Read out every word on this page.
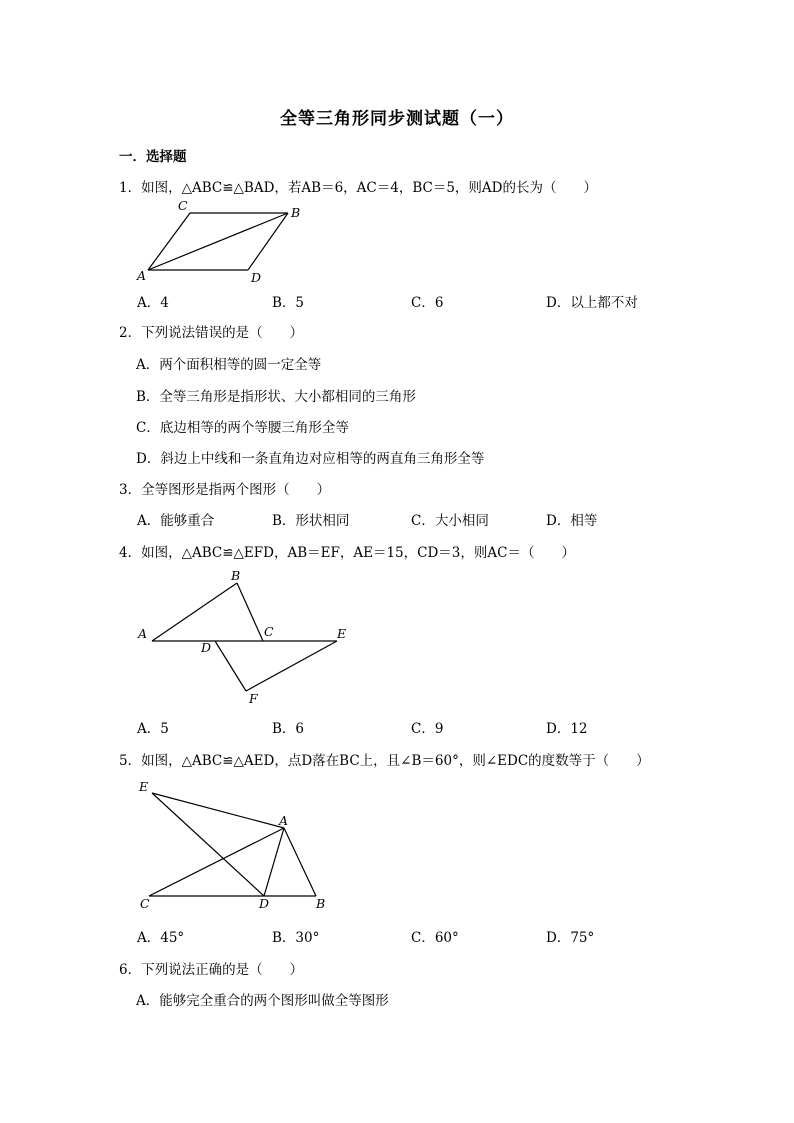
全等三角形同步测试题（一）
一．选择题
1．如图，△ABC≌△BAD，若AB＝6，AC＝4，BC＝5，则AD的长为（　　）
C	B
A	D
A．4	B．5	C．6	D．以上都不对
2．下列说法错误的是（　　）
A．两个面积相等的圆一定全等
B．全等三角形是指形状、大小都相同的三角形
C．底边相等的两个等腰三角形全等
D．斜边上中线和一条直角边对应相等的两直角三角形全等
3．全等图形是指两个图形（　　）
A．能够重合	B．形状相同	C．大小相同	D．相等
4．如图，△ABC≌△EFD，AB＝EF，AE＝15，CD＝3，则AC＝（　　）
B
A	C	E
D
F
A．5	B．6	C．9	D．12
5．如图，△ABC≌△AED，点D落在BC上，且∠B＝60°，则∠EDC的度数等于（　　）
E
A
C	D	B
A．45°	B．30°	C．60°	D．75°
6．下列说法正确的是（　　）
A．能够完全重合的两个图形叫做全等图形
